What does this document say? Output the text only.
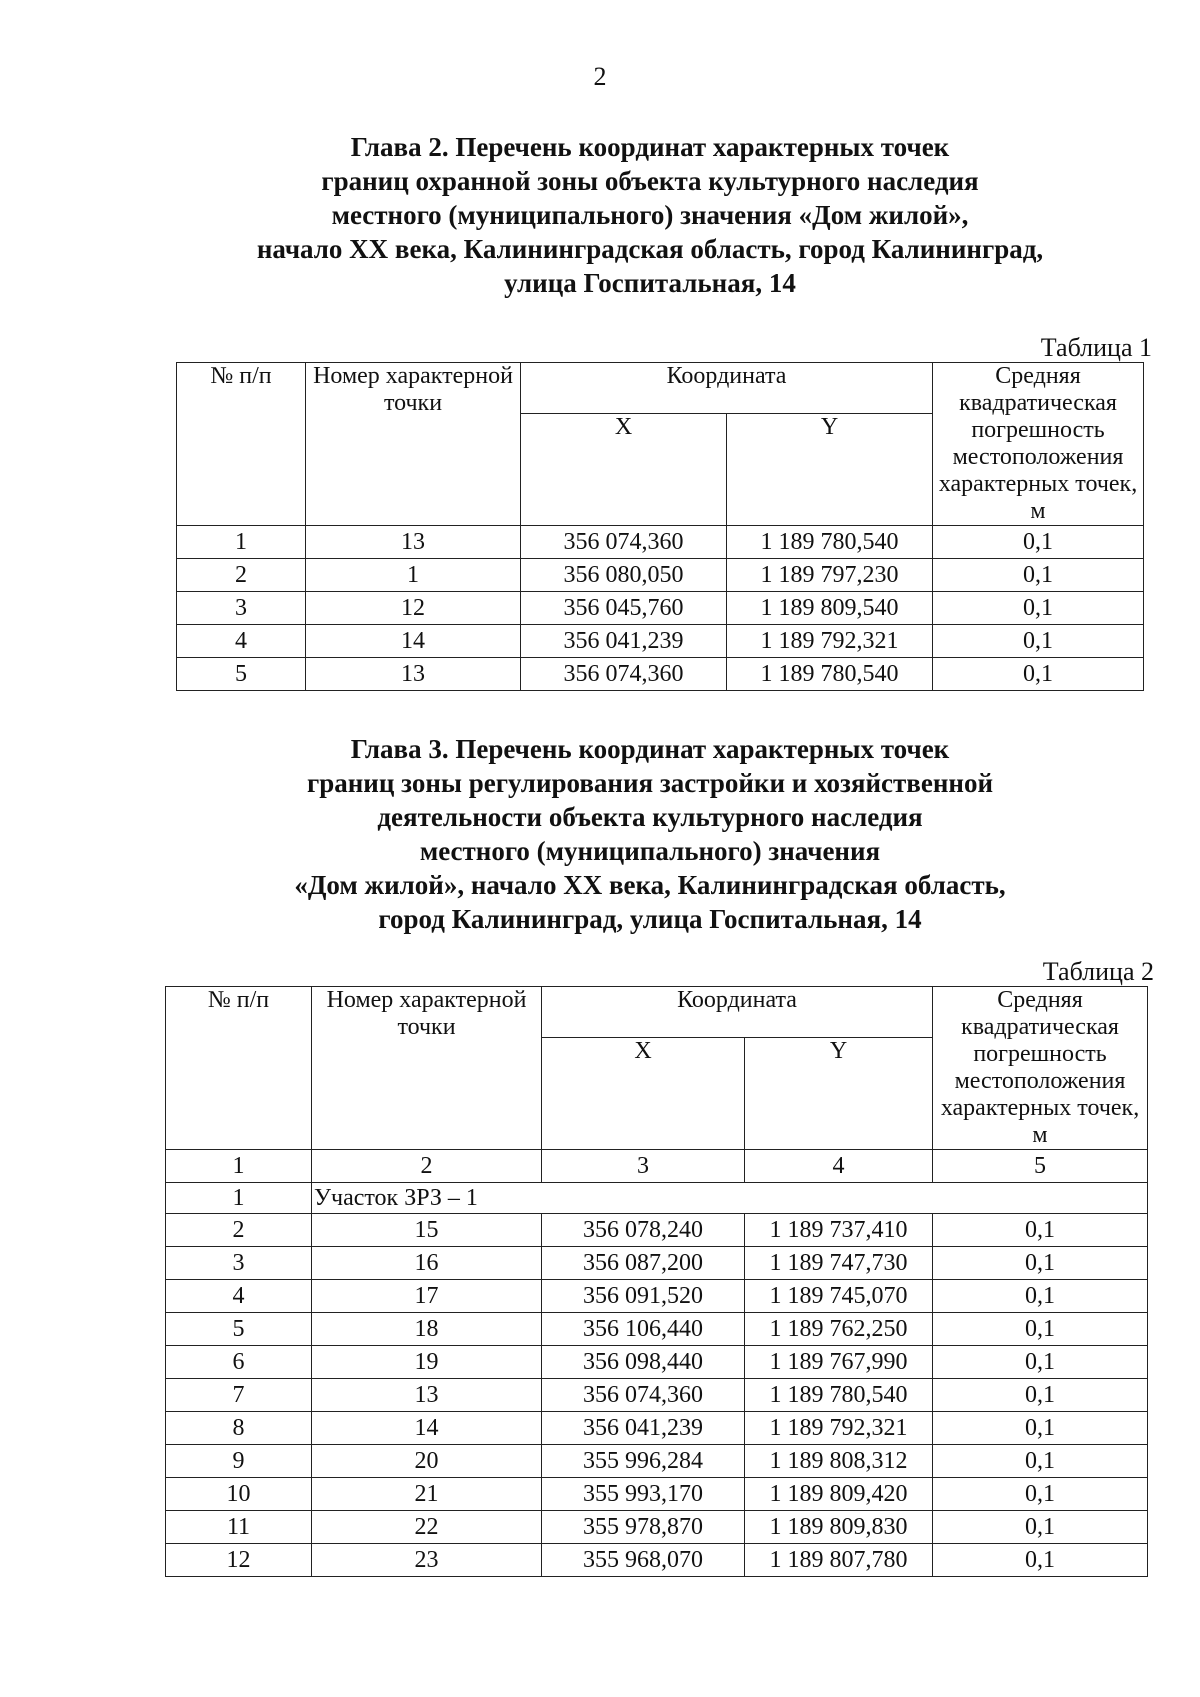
2
Глава 2. Перечень координат характерных точек
границ охранной зоны объекта культурного наследия
местного (муниципального) значения «Дом жилой»,
начало XX века, Калининградская область, город Калининград,
улица Госпитальная, 14
Таблица 1
№ п/п	Номер характерной точки	Координата		Средняя квадратическая погрешность местоположения характерных точек, м
		X	Y	
1	13	356 074,360	1 189 780,540	0,1
2	1	356 080,050	1 189 797,230	0,1
3	12	356 045,760	1 189 809,540	0,1
4	14	356 041,239	1 189 792,321	0,1
5	13	356 074,360	1 189 780,540	0,1
Глава 3. Перечень координат характерных точек
границ зоны регулирования застройки и хозяйственной
деятельности объекта культурного наследия
местного (муниципального) значения
«Дом жилой», начало XX века, Калининградская область,
город Калининград, улица Госпитальная, 14
Таблица 2
№ п/п	Номер характерной точки	Координата		Средняя квадратическая погрешность местоположения характерных точек, м
		X	Y	
1	2	3	4	5
1	Участок ЗРЗ – 1			
2	15	356 078,240	1 189 737,410	0,1
3	16	356 087,200	1 189 747,730	0,1
4	17	356 091,520	1 189 745,070	0,1
5	18	356 106,440	1 189 762,250	0,1
6	19	356 098,440	1 189 767,990	0,1
7	13	356 074,360	1 189 780,540	0,1
8	14	356 041,239	1 189 792,321	0,1
9	20	355 996,284	1 189 808,312	0,1
10	21	355 993,170	1 189 809,420	0,1
11	22	355 978,870	1 189 809,830	0,1
12	23	355 968,070	1 189 807,780	0,1
